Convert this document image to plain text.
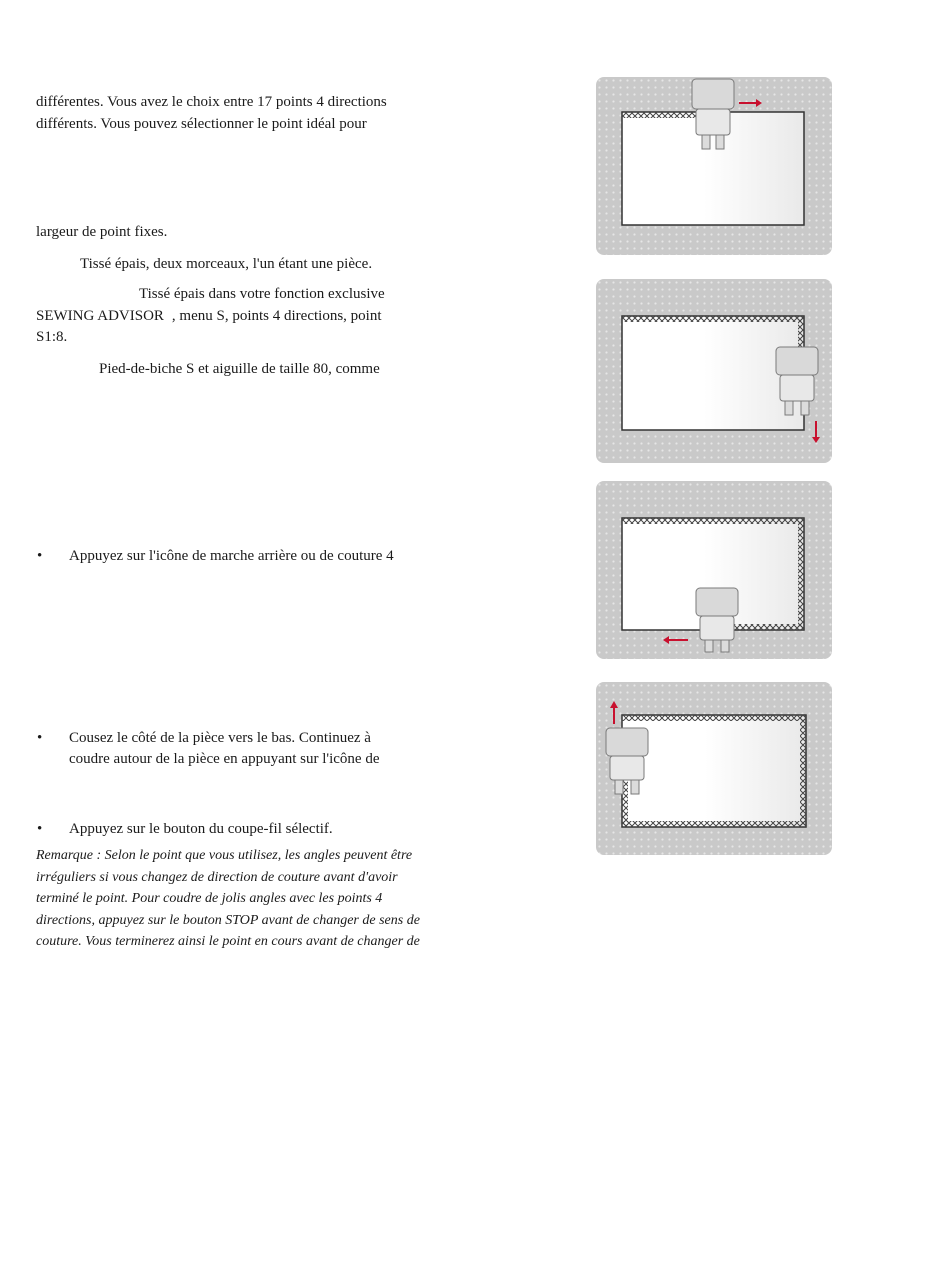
différentes. Vous avez le choix entre 17 points 4 directions

différents. Vous pouvez sélectionner le point idéal pour

largeur de point fixes.

Tissé épais, deux morceaux, l'un étant une pièce.

Tissé épais dans votre fonction exclusive

SEWING ADVISOR , menu S, points 4 directions, point

S1:8.

Pied-de-biche S et aiguille de taille 80, comme

• Appuyez sur l'icône de marche arrière ou de couture 4

• Cousez le côté de la pièce vers le bas. Continuez à

coudre autour de la pièce en appuyant sur l'icône de

• Appuyez sur le bouton du coupe-fil sélectif.

Remarque : Selon le point que vous utilisez, les angles peuvent être
irréguliers si vous changez de direction de couture avant d'avoir
terminé le point. Pour coudre de jolis angles avec les points 4
directions, appuyez sur le bouton STOP avant de changer de sens de
couture. Vous terminerez ainsi le point en cours avant de changer de
